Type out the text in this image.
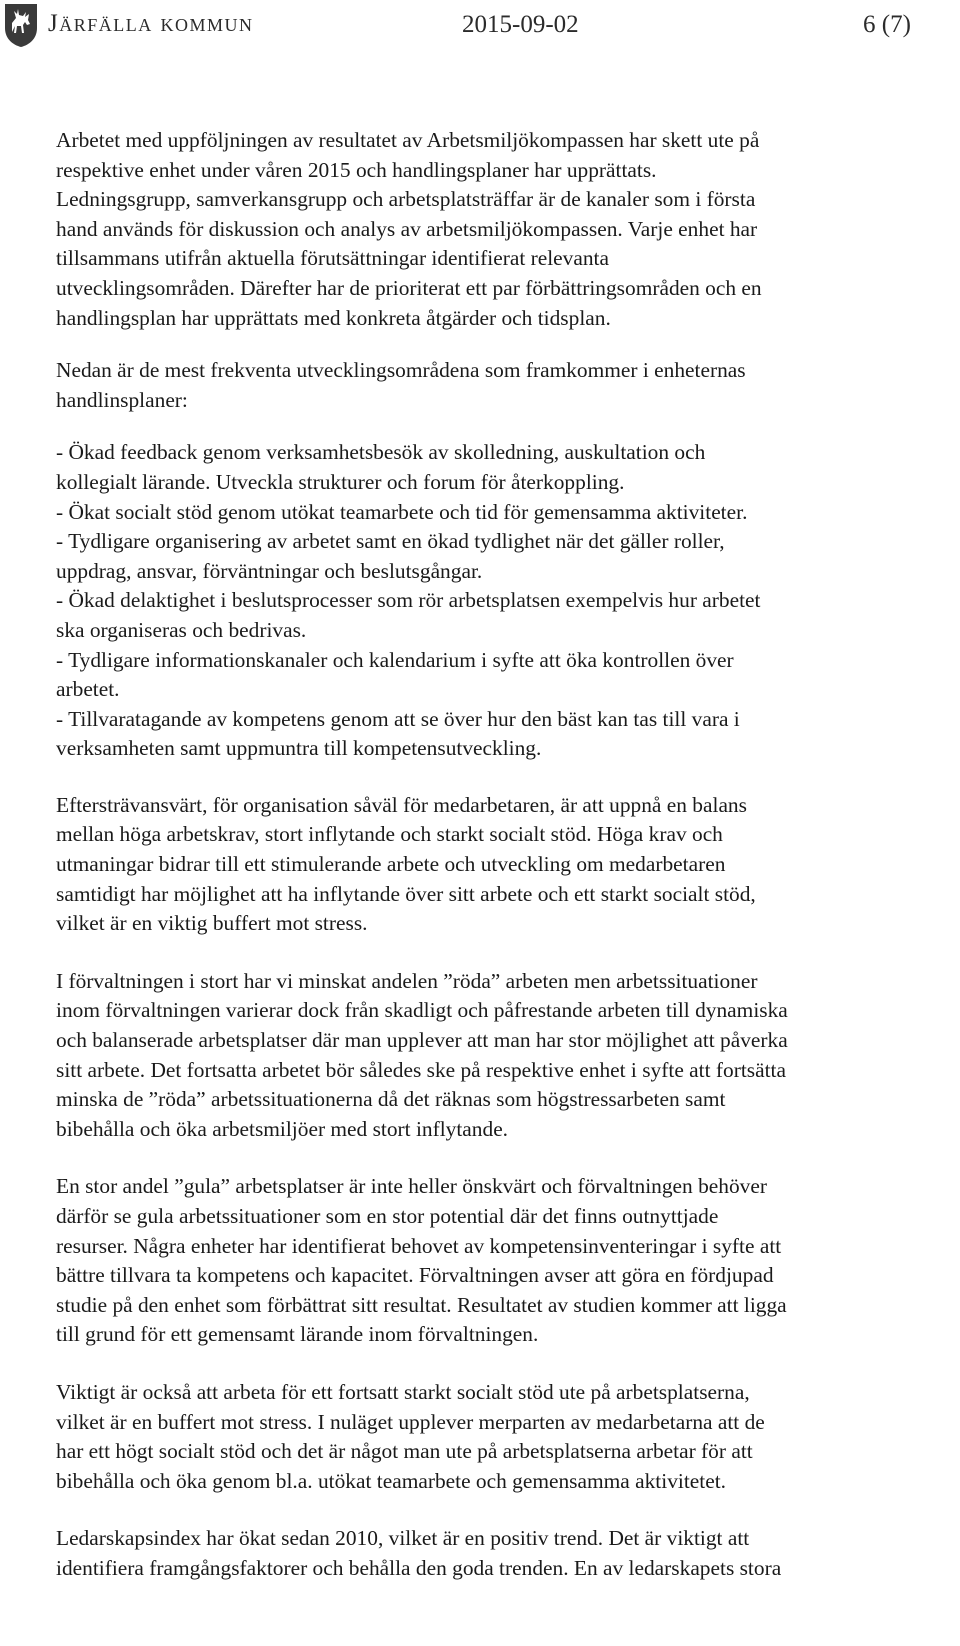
Järfälla kommun	2015-09-02	6 (7)

Arbetet med uppföljningen av resultatet av Arbetsmiljökompassen har skett ute på
respektive enhet under våren 2015 och handlingsplaner har upprättats.
Ledningsgrupp, samverkansgrupp och arbetsplatsträffar är de kanaler som i första
hand används för diskussion och analys av arbetsmiljökompassen. Varje enhet har
tillsammans utifrån aktuella förutsättningar identifierat relevanta
utvecklingsområden. Därefter har de prioriterat ett par förbättringsområden och en
handlingsplan har upprättats med konkreta åtgärder och tidsplan.

Nedan är de mest frekventa utvecklingsområdena som framkommer i enheternas
handlinsplaner:

- Ökad feedback genom verksamhetsbesök av skolledning, auskultation och
kollegialt lärande. Utveckla strukturer och forum för återkoppling.
- Ökat socialt stöd genom utökat teamarbete och tid för gemensamma aktiviteter.
- Tydligare organisering av arbetet samt en ökad tydlighet när det gäller roller,
uppdrag, ansvar, förväntningar och beslutsgångar.
- Ökad delaktighet i beslutsprocesser som rör arbetsplatsen exempelvis hur arbetet
ska organiseras och bedrivas.
- Tydligare informationskanaler och kalendarium i syfte att öka kontrollen över
arbetet.
- Tillvaratagande av kompetens genom att se över hur den bäst kan tas till vara i
verksamheten samt uppmuntra till kompetensutveckling.

Eftersträvansvärt, för organisation såväl för medarbetaren, är att uppnå en balans
mellan höga arbetskrav, stort inflytande och starkt socialt stöd. Höga krav och
utmaningar bidrar till ett stimulerande arbete och utveckling om medarbetaren
samtidigt har möjlighet att ha inflytande över sitt arbete och ett starkt socialt stöd,
vilket är en viktig buffert mot stress.

I förvaltningen i stort har vi minskat andelen ”röda” arbeten men arbetssituationer
inom förvaltningen varierar dock från skadligt och påfrestande arbeten till dynamiska
och balanserade arbetsplatser där man upplever att man har stor möjlighet att påverka
sitt arbete. Det fortsatta arbetet bör således ske på respektive enhet i syfte att fortsätta
minska de ”röda” arbetssituationerna då det räknas som högstressarbeten samt
bibehålla och öka arbetsmiljöer med stort inflytande.

En stor andel ”gula” arbetsplatser är inte heller önskvärt och förvaltningen behöver
därför se gula arbetssituationer som en stor potential där det finns outnyttjade
resurser. Några enheter har identifierat behovet av kompetensinventeringar i syfte att
bättre tillvara ta kompetens och kapacitet. Förvaltningen avser att göra en fördjupad
studie på den enhet som förbättrat sitt resultat. Resultatet av studien kommer att ligga
till grund för ett gemensamt lärande inom förvaltningen.

Viktigt är också att arbeta för ett fortsatt starkt socialt stöd ute på arbetsplatserna,
vilket är en buffert mot stress. I nuläget upplever merparten av medarbetarna att de
har ett högt socialt stöd och det är något man ute på arbetsplatserna arbetar för att
bibehålla och öka genom bl.a. utökat teamarbete och gemensamma aktivitetet.

Ledarskapsindex har ökat sedan 2010, vilket är en positiv trend. Det är viktigt att
identifiera framgångsfaktorer och behålla den goda trenden. En av ledarskapets stora
